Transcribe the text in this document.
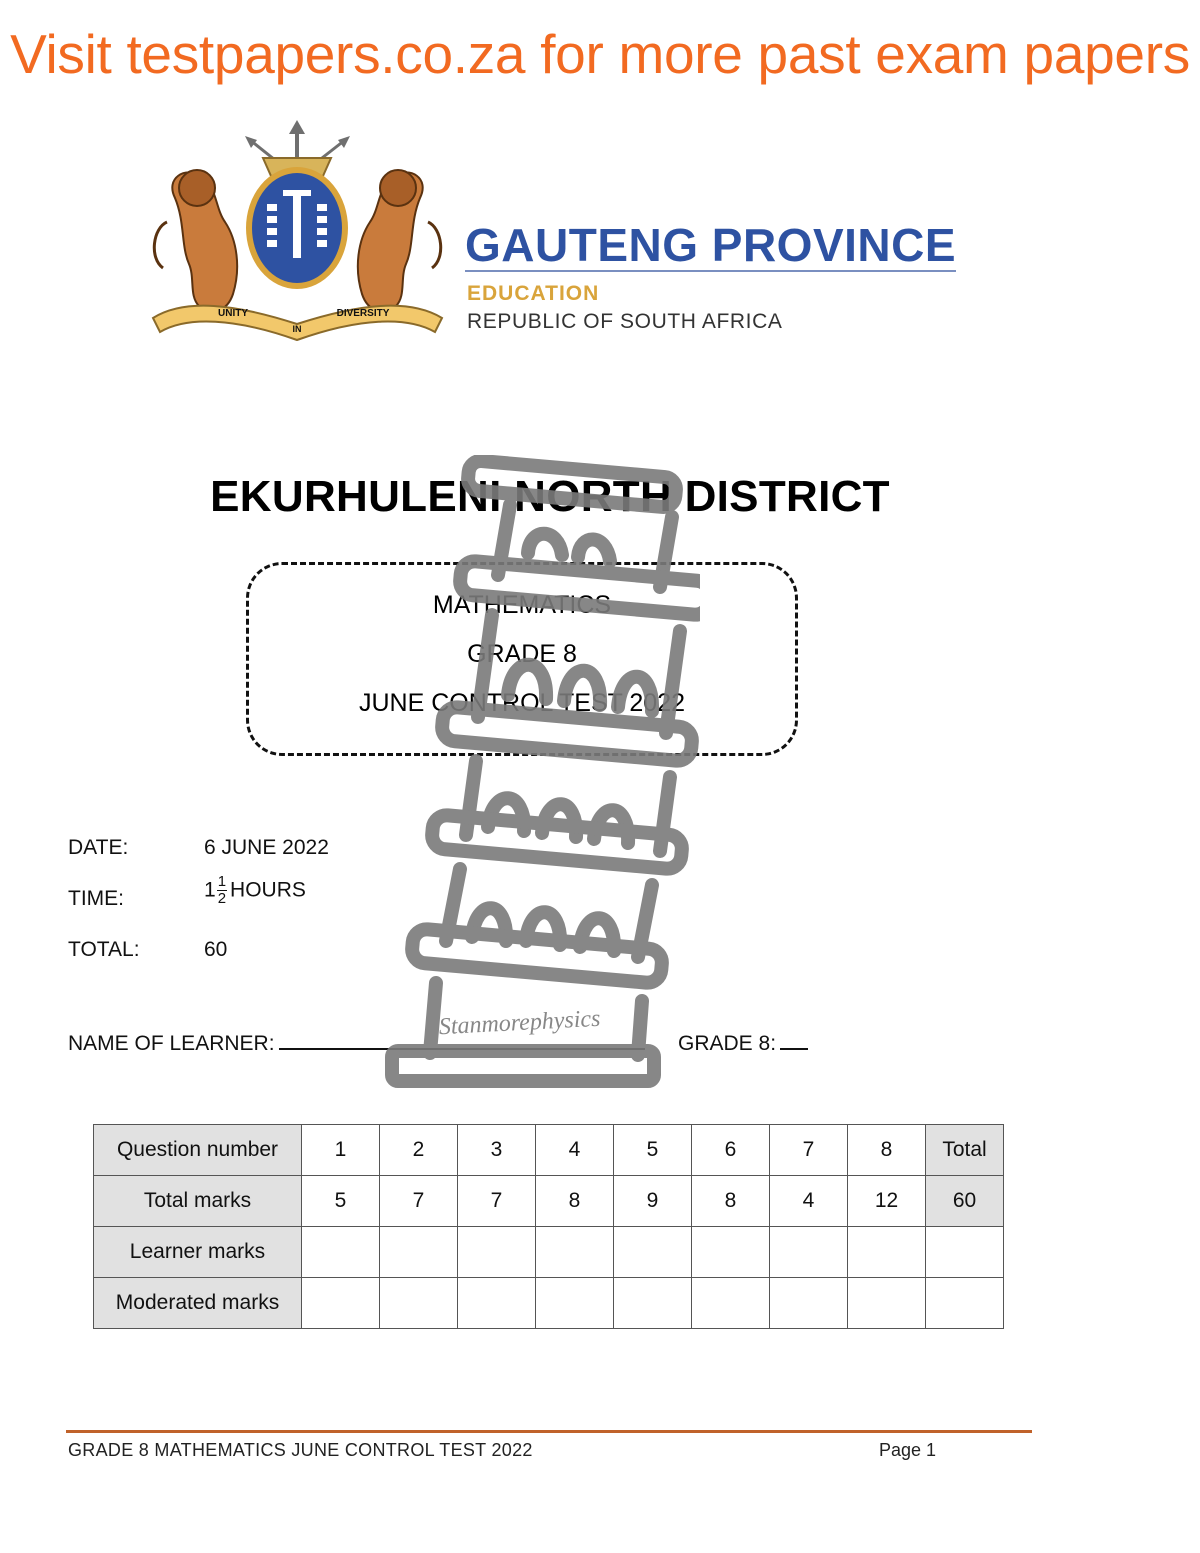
Visit testpapers.co.za for more past exam papers
UNITY
IN
DIVERSITY
GAUTENG PROVINCE
EDUCATION
REPUBLIC OF SOUTH AFRICA
EKURHULENI NORTH DISTRICT
MATHEMATICS
GRADE 8
JUNE CONTROL TEST 2022
DATE:	6 JUNE 2022
TIME:	$1 \frac{1}{2}$ HOURS
TOTAL:	60
NAME OF LEARNER:	GRADE 8:
Question number	1	2	3	4	5	6	7	8	Total
Total marks	5	7	7	8	9	8	4	12	60
Learner marks									
Moderated marks									
Stanmorephysics
GRADE 8 MATHEMATICS JUNE CONTROL TEST 2022	Page 1
